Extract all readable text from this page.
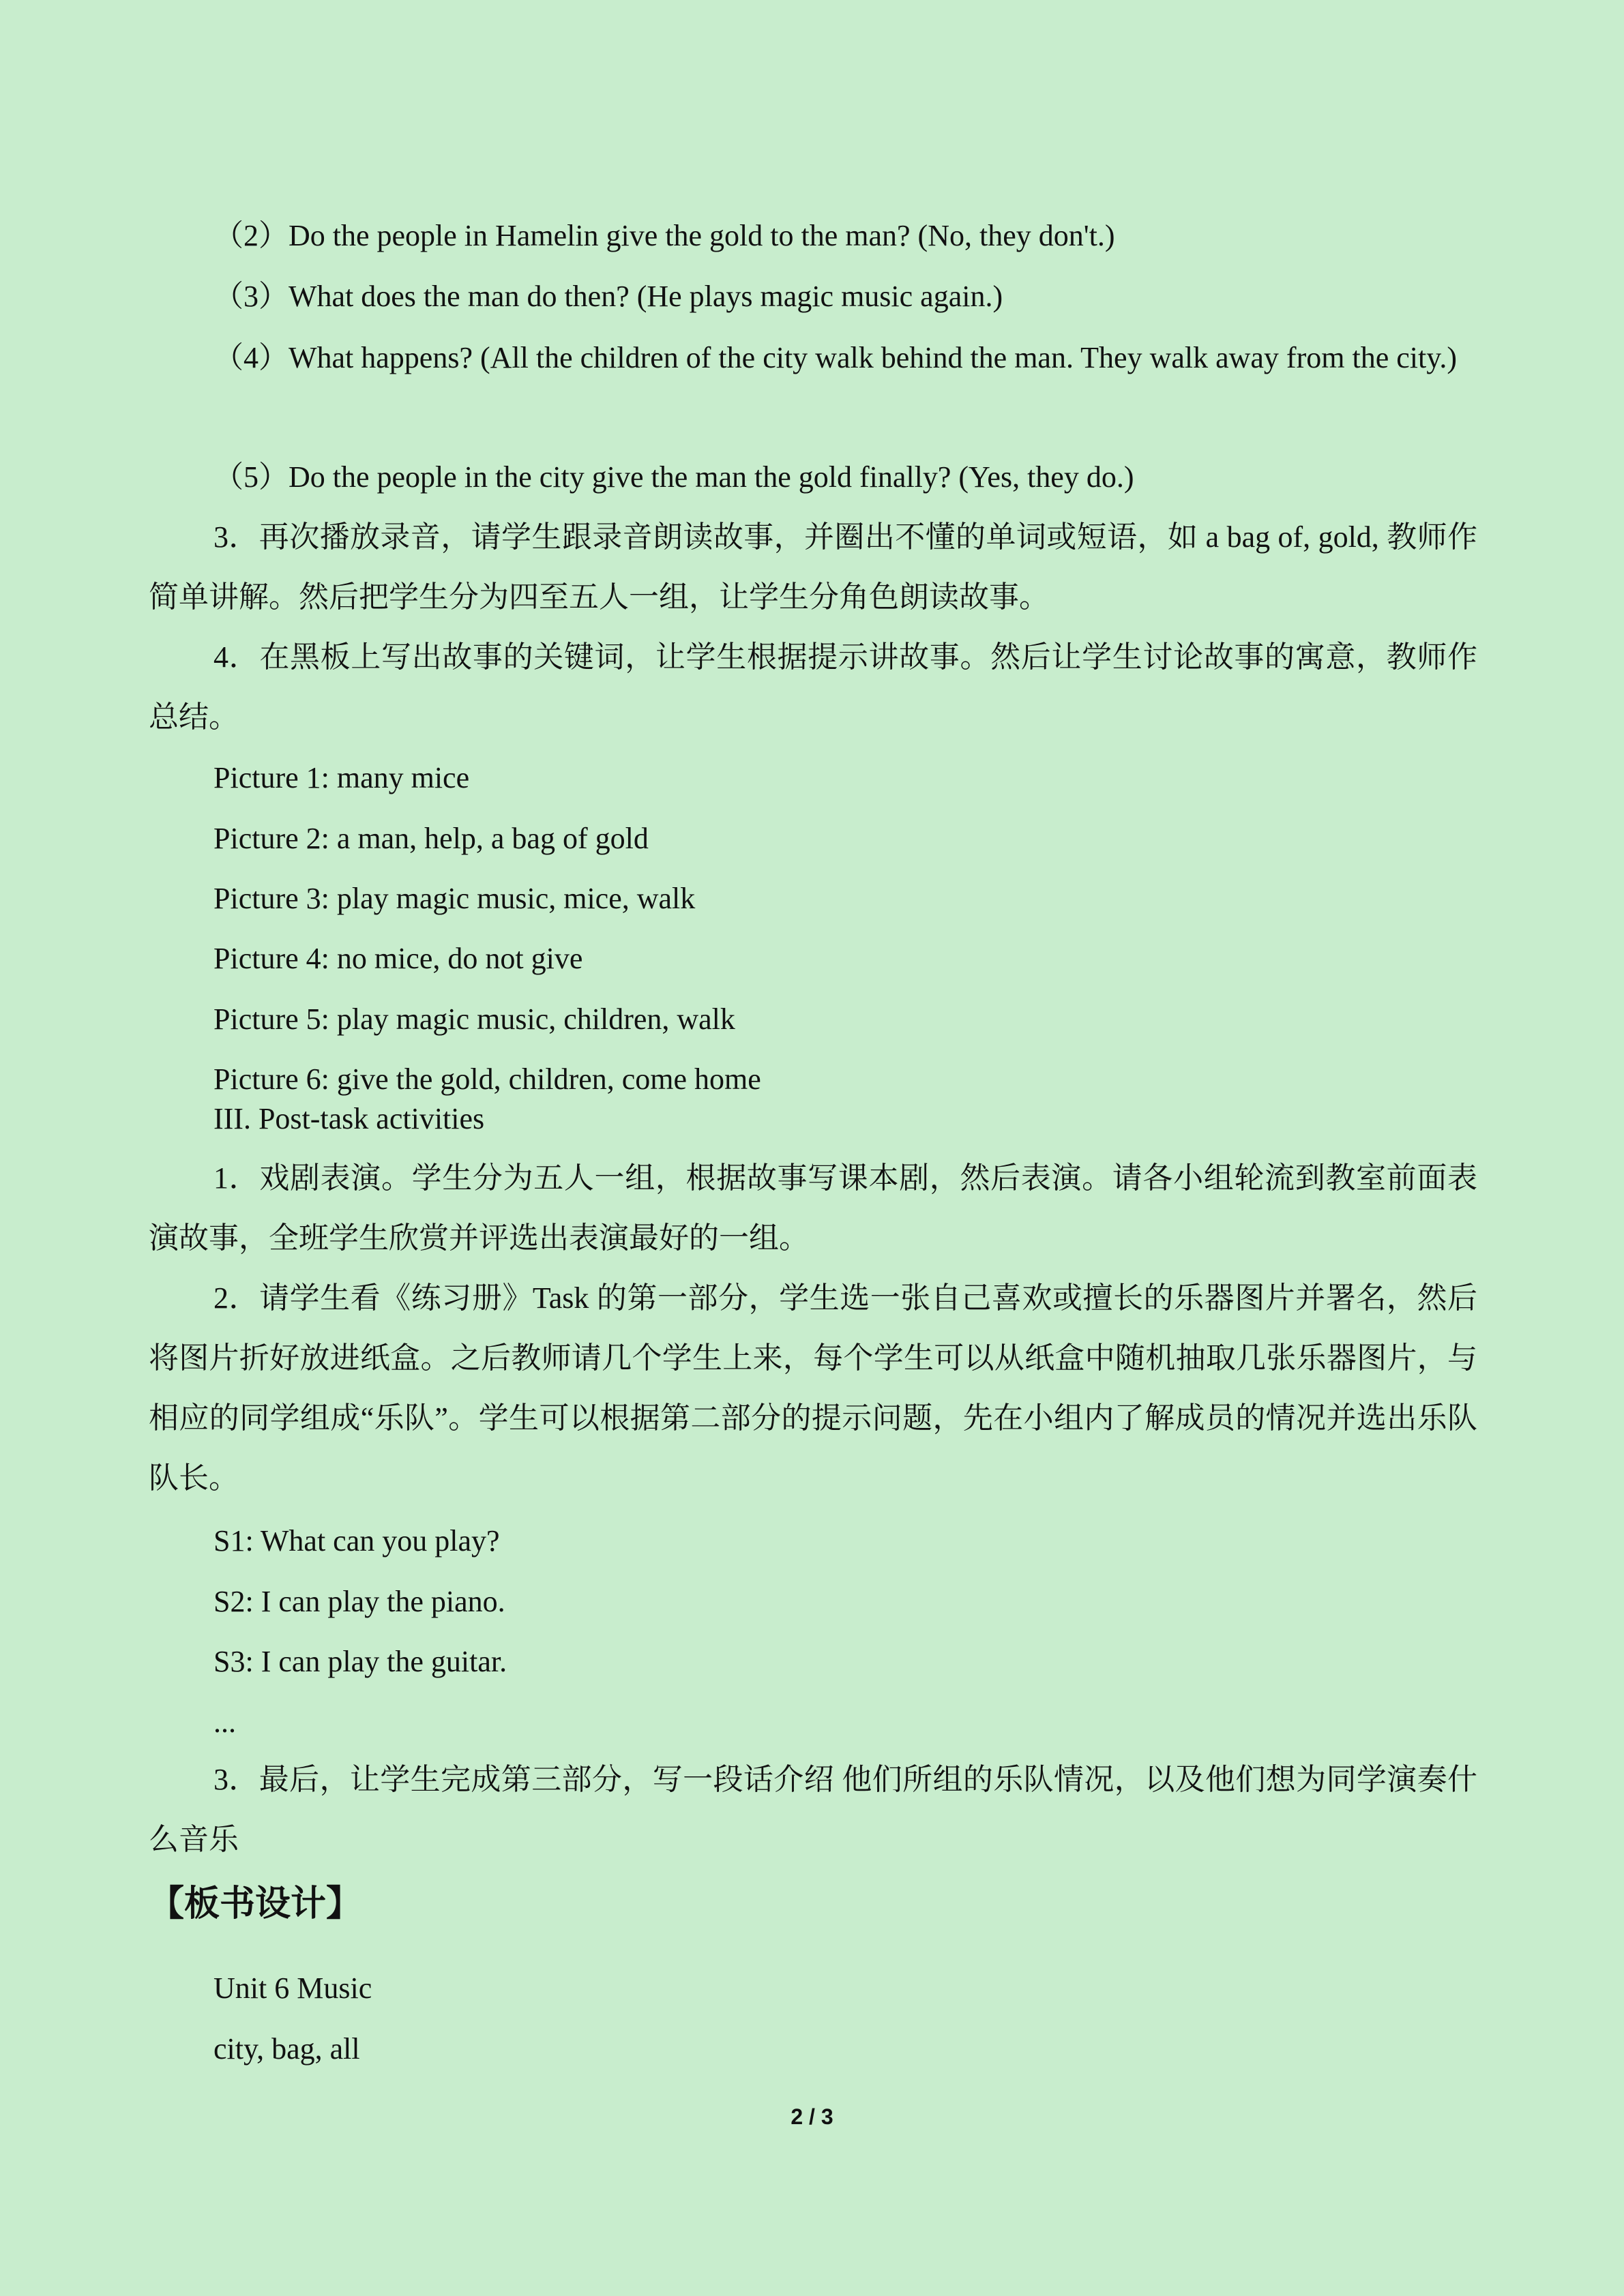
（2）Do the people in Hamelin give the gold to the man? (No, they don't.)

（3）What does the man do then? (He plays magic music again.)

（4）What happens? (All the children of the city walk behind the man. They walk away from the city.)

（5）Do the people in the city give the man the gold finally? (Yes, they do.)

3．再次播放录音，请学生跟录音朗读故事，并圈出不懂的单词或短语，如 a bag of, gold, 教师作简单讲解。然后把学生分为四至五人一组，让学生分角色朗读故事。

4．在黑板上写出故事的关键词，让学生根据提示讲故事。然后让学生讨论故事的寓意，教师作总结。

Picture 1: many mice

Picture 2: a man, help, a bag of gold

Picture 3: play magic music, mice, walk

Picture 4: no mice, do not give

Picture 5: play magic music, children, walk

Picture 6: give the gold, children, come home

III. Post-task activities

1．戏剧表演。学生分为五人一组，根据故事写课本剧，然后表演。请各小组轮流到教室前面表演故事，全班学生欣赏并评选出表演最好的一组。

2．请学生看《练习册》Task 的第一部分，学生选一张自己喜欢或擅长的乐器图片并署名，然后将图片折好放进纸盒。之后教师请几个学生上来，每个学生可以从纸盒中随机抽取几张乐器图片，与相应的同学组成“乐队”。学生可以根据第二部分的提示问题，先在小组内了解成员的情况并选出乐队队长。

S1: What can you play?

S2: I can play the piano.

S3: I can play the guitar.

...

3．最后，让学生完成第三部分，写一段话介绍 他们所组的乐队情况，以及他们想为同学演奏什么音乐

【板书设计】

Unit 6 Music

city, bag, all

2 / 3
